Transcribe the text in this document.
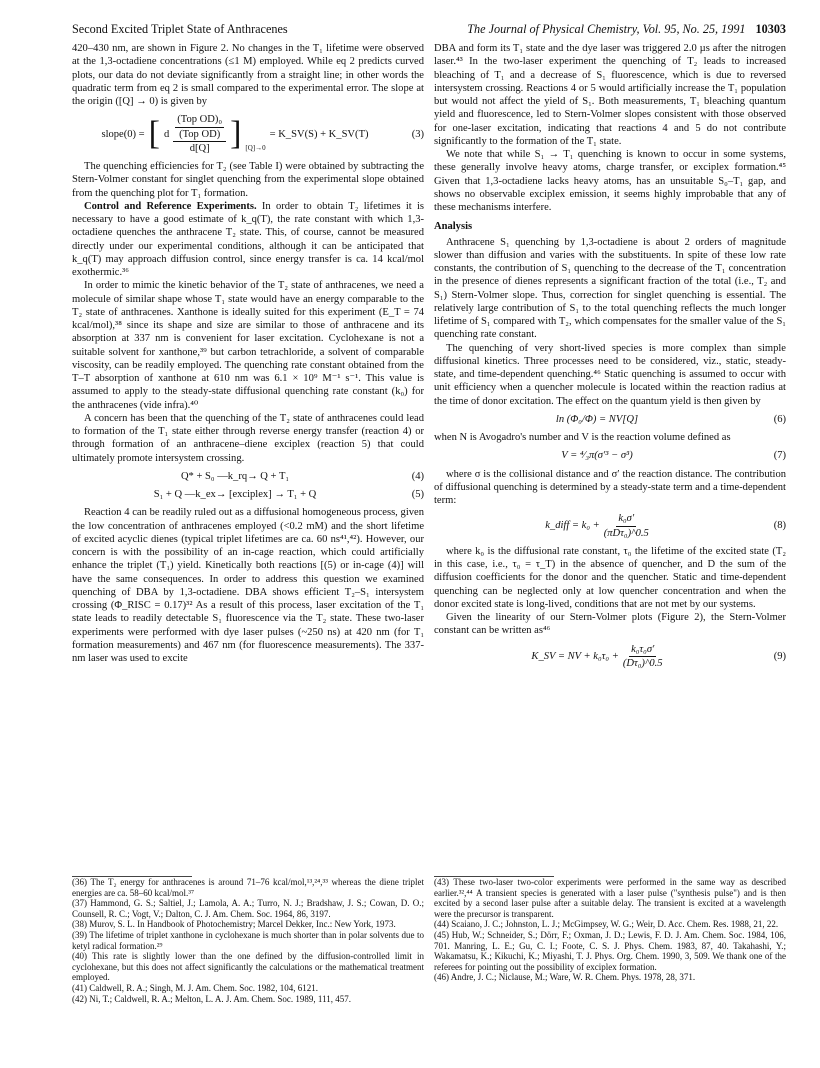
Second Excited Triplet State of Anthracenes	The Journal of Physical Chemistry, Vol. 95, No. 25, 1991 10303

420–430 nm, are shown in Figure 2. No changes in the T₁ lifetime were observed at the 1,3-octadiene concentrations (≤1 M) employed. While eq 2 predicts curved plots, our data do not deviate significantly from a straight line; in other words the quadratic term from eq 2 is small compared to the experimental error. The slope at the origin ([Q] → 0) is given by

slope(0) = [ d $\frac{\frac{\text{(Top OD)₀}}{\text{(Top OD)}}}{d[Q]}$ ] [Q]→0
= K_SV(S) + K_SV(T)	(3)

The quenching efficiencies for T₂ (see Table I) were obtained by subtracting the Stern-Volmer constant for singlet quenching from the experimental slope obtained from the quenching plot for T₁ formation.

Control and Reference Experiments. In order to obtain T₂ lifetimes it is necessary to have a good estimate of k_q(T), the rate constant with which 1,3-octadiene quenches the anthracene T₂ state. This, of course, cannot be measured directly under our experimental conditions, although it can be anticipated that k_q(T) may approach diffusion control, since energy transfer is ca. 14 kcal/mol exothermic.³⁶

In order to mimic the kinetic behavior of the T₂ state of anthracenes, we need a molecule of similar shape whose T₁ state would have an energy comparable to the T₂ state of anthracenes. Xanthone is ideally suited for this experiment (E_T = 74 kcal/mol),³⁸ since its shape and size are similar to those of anthracene and its absorption at 337 nm is convenient for laser excitation. Cyclohexane is not a suitable solvent for xanthone,³⁹ but carbon tetrachloride, a solvent of comparable viscosity, can be readily employed. The quenching rate constant obtained from the T–T absorption of xanthone at 610 nm was 6.1 × 10⁹ M⁻¹ s⁻¹. This value is assumed to apply to the steady-state diffusional quenching rate constant (k₀) for the anthracenes (vide infra).⁴⁰

A concern has been that the quenching of the T₂ state of anthracenes could lead to formation of the T₁ state either through reverse energy transfer (reaction 4) or through formation of an anthracene–diene exciplex (reaction 5) that could ultimately promote intersystem crossing.

Q* + S₀ —k_rq→ Q + T₁	(4)
S₁ + Q —k_ex→ [exciplex] → T₁ + Q	(5)

Reaction 4 can be readily ruled out as a diffusional homogeneous process, given the low concentration of anthracenes employed (<0.2 mM) and the short lifetime of excited acyclic dienes (typical triplet lifetimes are ca. 60 ns⁴¹,⁴²). However, our concern is with the possibility of an in-cage reaction, which could artificially enhance the triplet (T₁) yield. Kinetically both reactions [(5) or in-cage (4)] will have the same consequences. In order to address this question we examined quenching of DBA by 1,3-octadiene. DBA shows efficient T₂–S₁ intersystem crossing (Φ_RISC = 0.17)³² As a result of this process, laser excitation of the T₁ state leads to readily detectable S₁ fluorescence via the T₂ state. These two-laser experiments were performed with dye laser pulses (~250 ns) at 420 nm (for T₁ formation measurements) and 467 nm (for fluorescence measurements). The 337-nm laser was used to excite

DBA and form its T₁ state and the dye laser was triggered 2.0 µs after the nitrogen laser.⁴³ In the two-laser experiment the quenching of T₂ leads to increased bleaching of T₁ and a decrease of S₁ fluorescence, which is due to reversed intersystem crossing. Reactions 4 or 5 would artificially increase the T₁ population but would not affect the yield of S₁. Both measurements, T₁ bleaching quantum yield and fluorescence, led to Stern-Volmer slopes consistent with those observed for one-laser excitation, indicating that reactions 4 and 5 do not contribute significantly to the formation of the T₁ state.

We note that while S₁ → T₁ quenching is known to occur in some systems, these generally involve heavy atoms, charge transfer, or exciplex formation.⁴⁵ Given that 1,3-octadiene lacks heavy atoms, has an unsuitable S₀–T₁ gap, and shows no observable exciplex emission, it seems highly improbable that any of these mechanisms interfere.

Analysis

Anthracene S₁ quenching by 1,3-octadiene is about 2 orders of magnitude slower than diffusion and varies with the substituents. In spite of these low rate constants, the contribution of S₁ quenching to the decrease of the T₁ concentration in the presence of dienes represents a significant fraction of the total (i.e., T₂ and S₁) Stern-Volmer slope. Thus, correction for singlet quenching is essential. The relatively large contribution of S₁ to the total quenching reflects the much longer lifetime of S₁ compared with T₂, which compensates for the smaller value of the S₁ quenching rate constant.

The quenching of very short-lived species is more complex than simple diffusional kinetics. Three processes need to be considered, viz., static, steady-state, and time-dependent quenching.⁴⁶ Static quenching is assumed to occur with unit efficiency when a quencher molecule is located within the reaction radius at the time of donor excitation. The effect on the quantum yield is then given by

ln (Φ₀/Φ) = NV[Q]	(6)

when N is Avogadro's number and V is the reaction volume defined as

V = ⁴⁄₃π(σ′³ − σ³)	(7)

where σ is the collisional distance and σ′ the reaction distance. The contribution of diffusional quenching is determined by a steady-state term and a time-dependent term:

k_diff = $k_0 + \frac{\text{k₀σ′}}{\text{(πDτ₀)\textasciicircum{}0.5}}$	(8)

where k₀ is the diffusional rate constant, τ₀ the lifetime of the excited state (T₂ in this case, i.e., τ₀ = τ_T) in the absence of quencher, and D the sum of the diffusion coefficients for the donor and the quencher. Static and time-dependent quenching can be neglected only at low quencher concentration and when the donor excited state is long-lived, conditions that are not met by our systems.

Given the linearity of our Stern-Volmer plots (Figure 2), the Stern-Volmer constant can be written as⁴⁶

K_SV = NV + $k_0\tau_0 + \frac{\text{k₀τ₀σ′}}{\text{(Dτ₀)\textasciicircum{}0.5}}$	(9)
(36) The T₂ energy for anthracenes is around 71–76 kcal/mol,¹³,²⁴,³³ whereas the diene triplet energies are ca. 58–60 kcal/mol.³⁷
(37) Hammond, G. S.; Saltiel, J.; Lamola, A. A.; Turro, N. J.; Bradshaw, J. S.; Cowan, D. O.; Counsell, R. C.; Vogt, V.; Dalton, C. J. Am. Chem. Soc. 1964, 86, 3197.
(38) Murov, S. L. In Handbook of Photochemistry; Marcel Dekker, Inc.: New York, 1973.
(39) The lifetime of triplet xanthone in cyclohexane is much shorter than in polar solvents due to ketyl radical formation.²⁹
(40) This rate is slightly lower than the one defined by the diffusion-controlled limit in cyclohexane, but this does not affect significantly the calculations or the mathematical treatment employed.
(41) Caldwell, R. A.; Singh, M. J. Am. Chem. Soc. 1982, 104, 6121.
(42) Ni, T.; Caldwell, R. A.; Melton, L. A. J. Am. Chem. Soc. 1989, 111, 457.
(43) These two-laser two-color experiments were performed in the same way as described earlier.³²,⁴⁴ A transient species is generated with a laser pulse ("synthesis pulse") and is then excited by a second laser pulse after a suitable delay. The transient is excited at a wavelength were the precursor is transparent.
(44) Scaiano, J. C.; Johnston, L. J.; McGimpsey, W. G.; Weir, D. Acc. Chem. Res. 1988, 21, 22.
(45) Hub, W.; Schneider, S.; Dörr, F.; Oxman, J. D.; Lewis, F. D. J. Am. Chem. Soc. 1984, 106, 701. Manring, L. E.; Gu, C. I.; Foote, C. S. J. Phys. Chem. 1983, 87, 40. Takahashi, Y.; Wakamatsu, K.; Kikuchi, K.; Miyashi, T. J. Phys. Org. Chem. 1990, 3, 509. We thank one of the referees for pointing out the possibility of exciplex formation.
(46) Andre, J. C.; Niclause, M.; Ware, W. R. Chem. Phys. 1978, 28, 371.
